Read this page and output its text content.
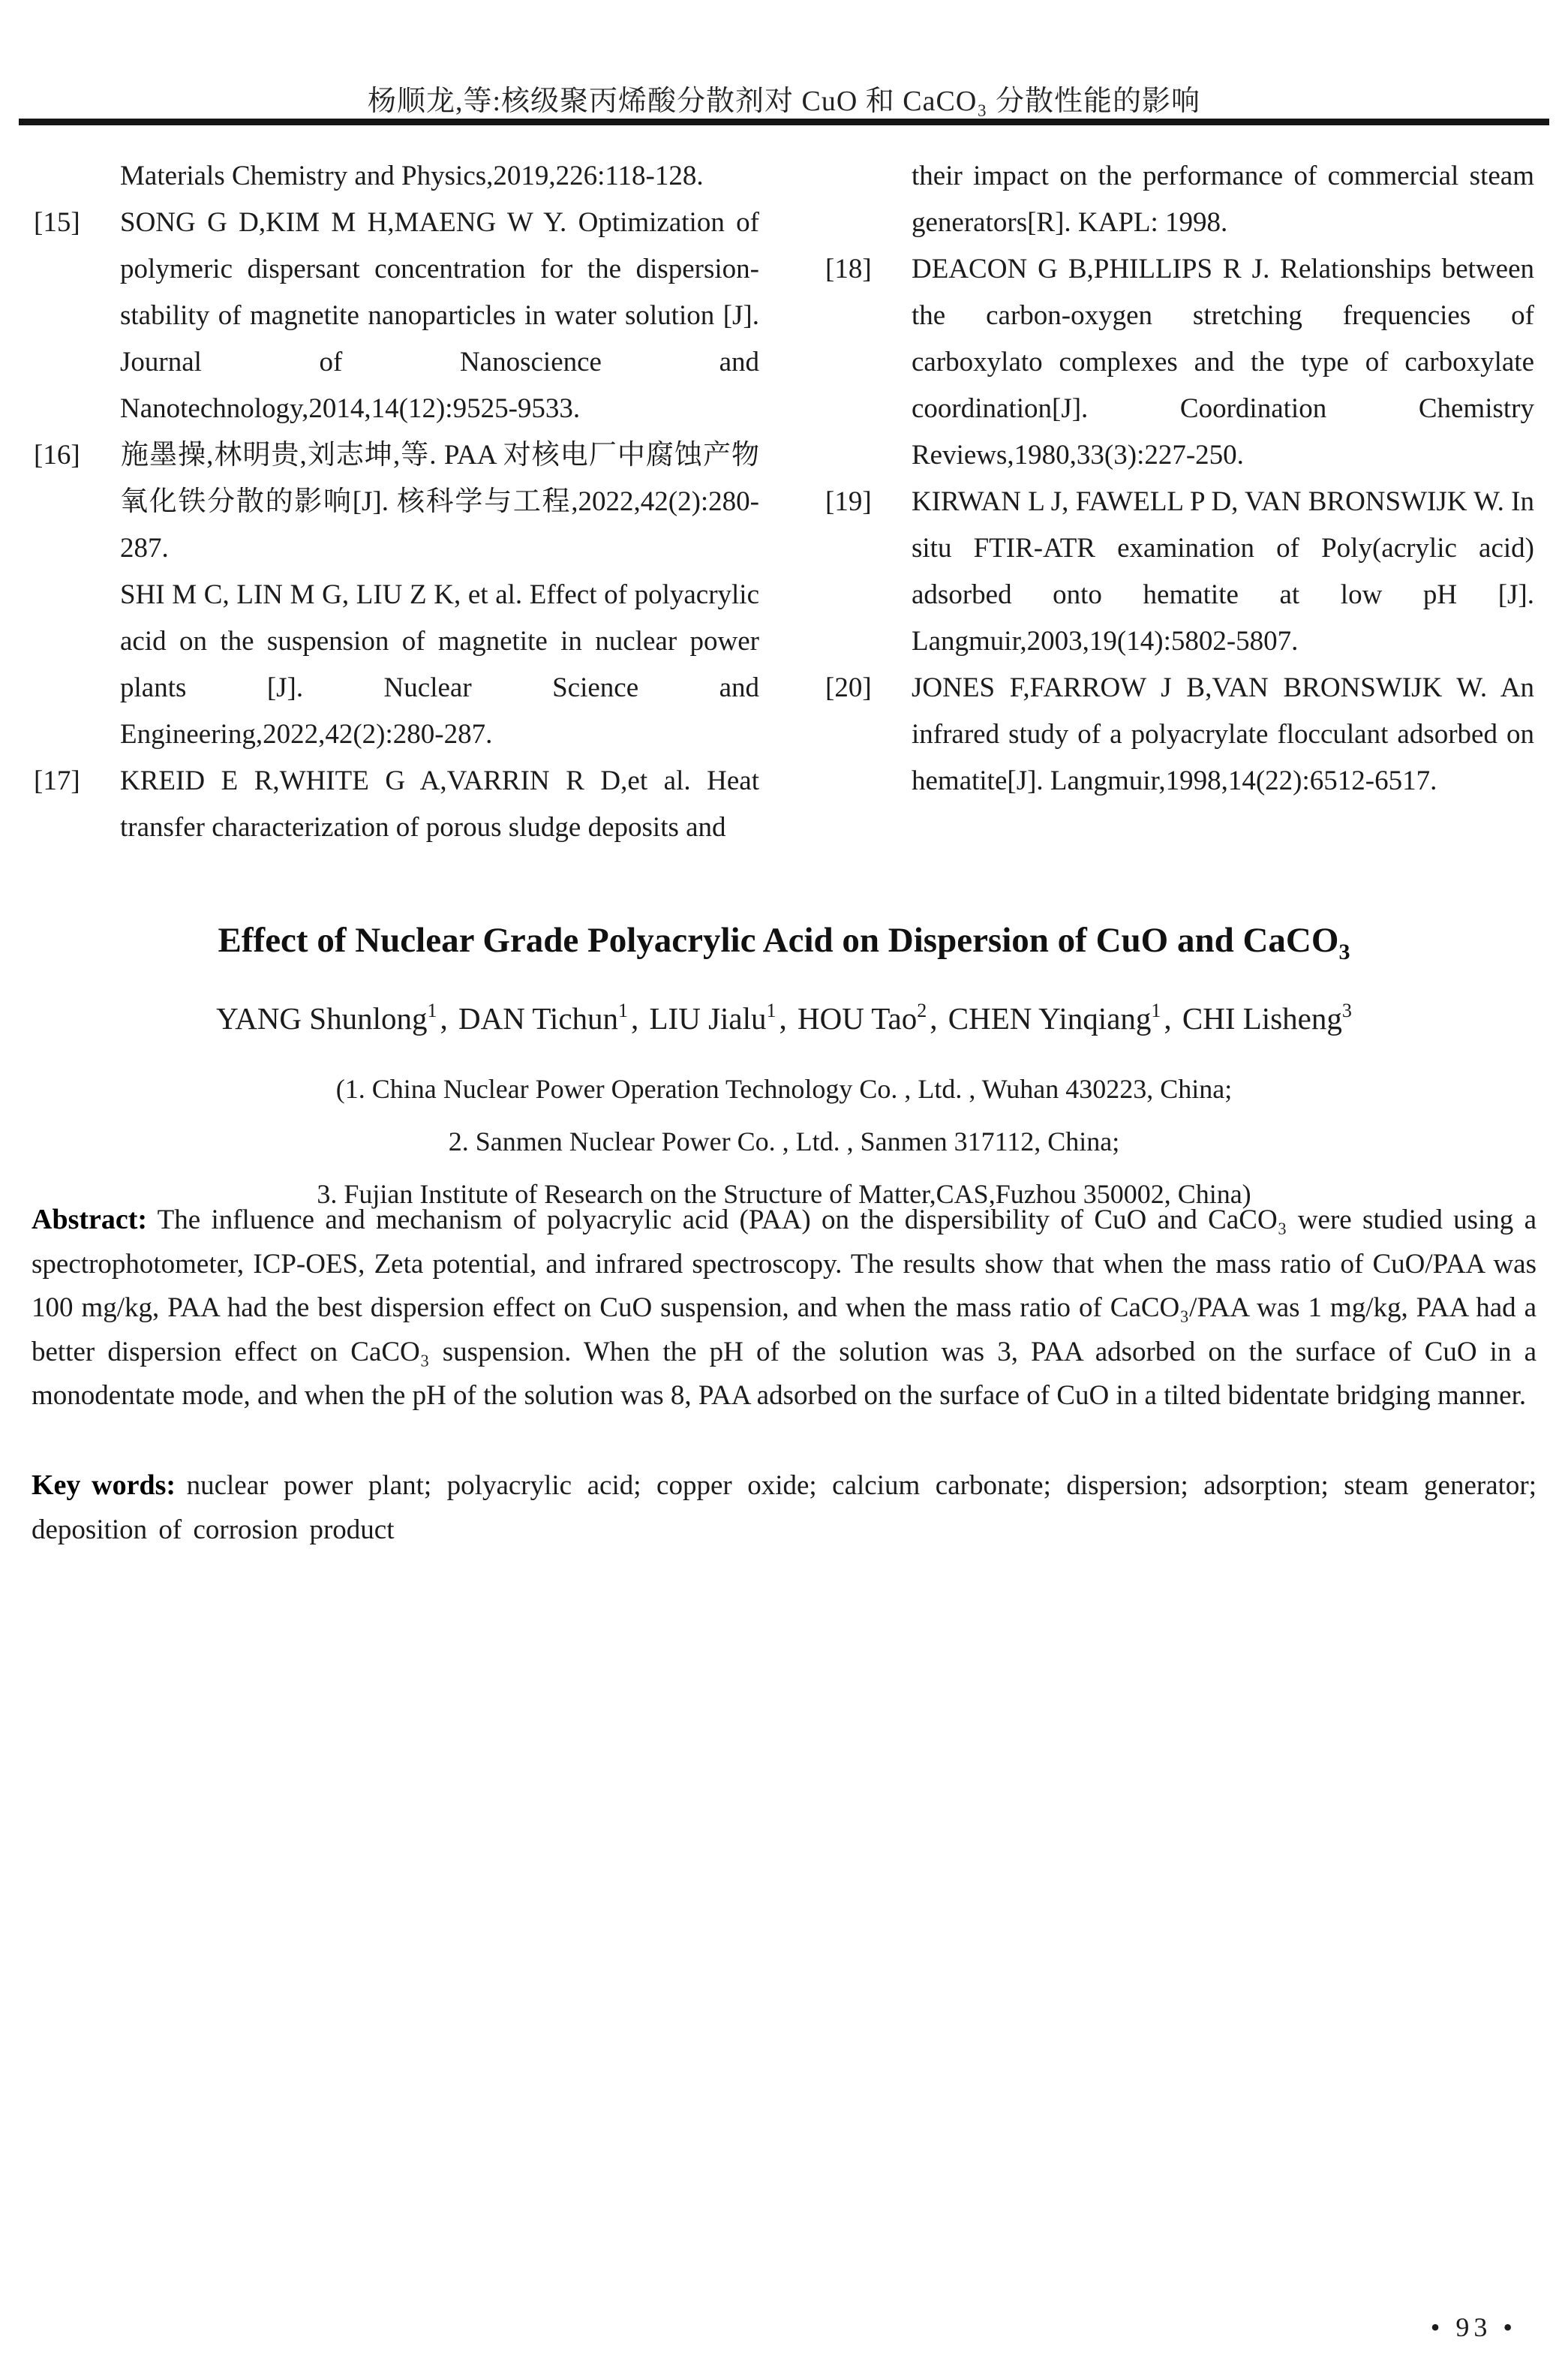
杨顺龙,等:核级聚丙烯酸分散剂对 CuO 和 CaCO₃ 分散性能的影响
Materials Chemistry and Physics,2019,226:118-128.
[15] SONG G D,KIM M H,MAENG W Y. Optimization of polymeric dispersant concentration for the dispersion-stability of magnetite nanoparticles in water solution [J]. Journal of Nanoscience and Nanotechnology,2014,14(12):9525-9533.
[16] 施墨操,林明贵,刘志坤,等. PAA 对核电厂中腐蚀产物氧化铁分散的影响[J]. 核科学与工程,2022,42(2):280-287.
SHI M C, LIN M G, LIU Z K, et al. Effect of polyacrylic acid on the suspension of magnetite in nuclear power plants [J]. Nuclear Science and Engineering,2022,42(2):280-287.
[17] KREID E R,WHITE G A,VARRIN R D,et al. Heat transfer characterization of porous sludge deposits and
their impact on the performance of commercial steam generators[R]. KAPL: 1998.
[18] DEACON G B,PHILLIPS R J. Relationships between the carbon-oxygen stretching frequencies of carboxylato complexes and the type of carboxylate coordination[J]. Coordination Chemistry Reviews,1980,33(3):227-250.
[19] KIRWAN L J, FAWELL P D, VAN BRONSWIJK W. In situ FTIR-ATR examination of Poly(acrylic acid) adsorbed onto hematite at low pH [J]. Langmuir,2003,19(14):5802-5807.
[20] JONES F,FARROW J B,VAN BRONSWIJK W. An infrared study of a polyacrylate flocculant adsorbed on hematite[J]. Langmuir,1998,14(22):6512-6517.
Effect of Nuclear Grade Polyacrylic Acid on Dispersion of CuO and CaCO$_3$
YANG Shunlong$^1$, DAN Tichun$^1$, LIU Jialu$^1$, HOU Tao$^2$, CHEN Yinqiang$^1$, CHI Lisheng$^3$
(1. China Nuclear Power Operation Technology Co. , Ltd. , Wuhan 430223, China;
2. Sanmen Nuclear Power Co. , Ltd. , Sanmen 317112, China;
3. Fujian Institute of Research on the Structure of Matter,CAS,Fuzhou 350002, China)
Abstract: The influence and mechanism of polyacrylic acid (PAA) on the dispersibility of CuO and CaCO₃ were studied using a spectrophotometer, ICP-OES, Zeta potential, and infrared spectroscopy. The results show that when the mass ratio of CuO/PAA was 100 mg/kg, PAA had the best dispersion effect on CuO suspension, and when the mass ratio of CaCO₃/PAA was 1 mg/kg, PAA had a better dispersion effect on CaCO₃ suspension. When the pH of the solution was 3, PAA adsorbed on the surface of CuO in a monodentate mode, and when the pH of the solution was 8, PAA adsorbed on the surface of CuO in a tilted bidentate bridging manner.
Key words: nuclear power plant; polyacrylic acid; copper oxide; calcium carbonate; dispersion; adsorption; steam generator; deposition of corrosion product
• 93 •
